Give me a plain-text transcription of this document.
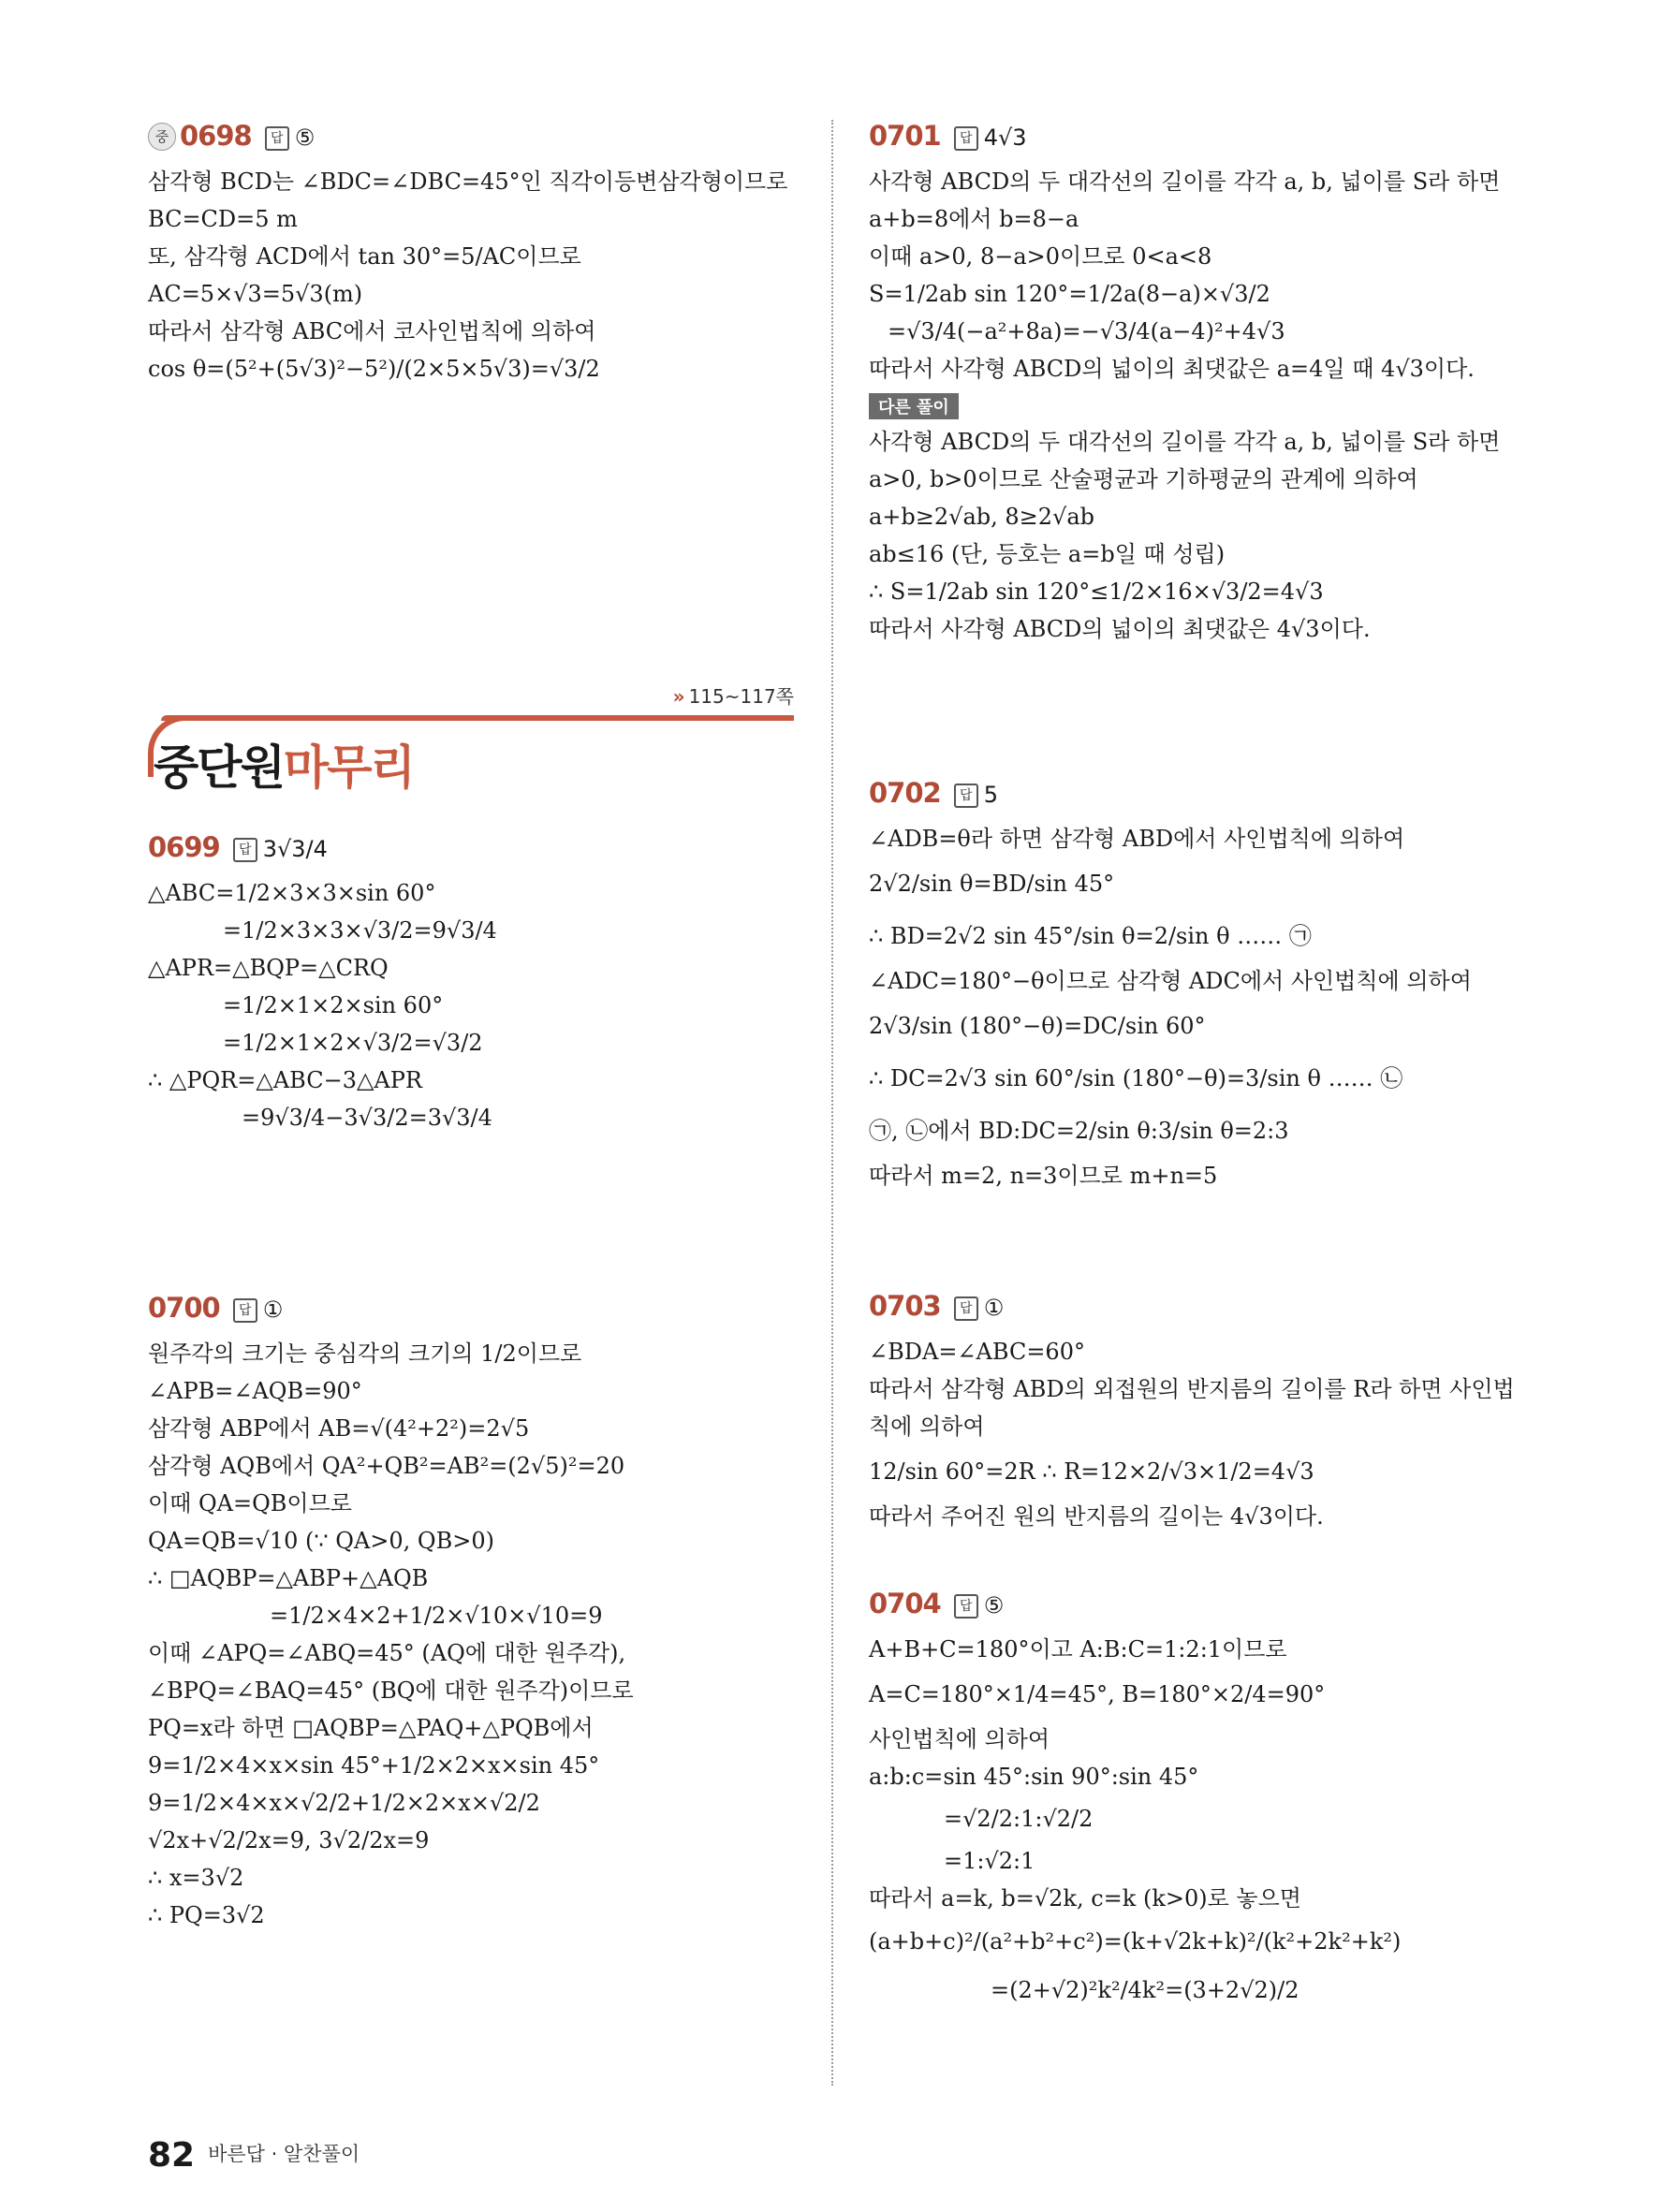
중 0698 답 ⑤
삼각형 BCD는 ∠BDC=∠DBC=45°인 직각이등변삼각형이므로
BC=CD=5 m
또, 삼각형 ACD에서 tan 30°=5/AC이므로
AC=5×√3=5√3(m)
따라서 삼각형 ABC에서 코사인법칙에 의하여
cos θ=(5²+(5√3)²−5²)/(2×5×5√3)=√3/2
» 115~117쪽
중단원마무리
0699 답 3√3/4
△ABC=1/2×3×3×sin 60°
=1/2×3×3×√3/2=9√3/4
△APR=△BQP=△CRQ
=1/2×1×2×sin 60°
=1/2×1×2×√3/2=√3/2
∴ △PQR=△ABC−3△APR
=9√3/4−3√3/2=3√3/4
0700 답 ①
원주각의 크기는 중심각의 크기의 1/2이므로
∠APB=∠AQB=90°
삼각형 ABP에서 AB=√(4²+2²)=2√5
삼각형 AQB에서 QA²+QB²=AB²=(2√5)²=20
이때 QA=QB이므로
QA=QB=√10 (∵ QA>0, QB>0)
∴ □AQBP=△ABP+△AQB
=1/2×4×2+1/2×√10×√10=9
이때 ∠APQ=∠ABQ=45° (AQ에 대한 원주각),
∠BPQ=∠BAQ=45° (BQ에 대한 원주각)이므로
PQ=x라 하면 □AQBP=△PAQ+△PQB에서
9=1/2×4×x×sin 45°+1/2×2×x×sin 45°
9=1/2×4×x×√2/2+1/2×2×x×√2/2
√2x+√2/2x=9, 3√2/2x=9
∴ x=3√2
∴ PQ=3√2
0701 답 4√3
사각형 ABCD의 두 대각선의 길이를 각각 a, b, 넓이를 S라 하면
a+b=8에서 b=8−a
이때 a>0, 8−a>0이므로 0<a<8
S=1/2ab sin 120°=1/2a(8−a)×√3/2
=√3/4(−a²+8a)=−√3/4(a−4)²+4√3
따라서 사각형 ABCD의 넓이의 최댓값은 a=4일 때 4√3이다.
다른 풀이
사각형 ABCD의 두 대각선의 길이를 각각 a, b, 넓이를 S라 하면
a>0, b>0이므로 산술평균과 기하평균의 관계에 의하여
a+b≥2√ab, 8≥2√ab
ab≤16 (단, 등호는 a=b일 때 성립)
∴ S=1/2ab sin 120°≤1/2×16×√3/2=4√3
따라서 사각형 ABCD의 넓이의 최댓값은 4√3이다.
0702 답 5
∠ADB=θ라 하면 삼각형 ABD에서 사인법칙에 의하여
2√2/sin θ=BD/sin 45°
∴ BD=2√2 sin 45°/sin θ=2/sin θ …… ㉠
∠ADC=180°−θ이므로 삼각형 ADC에서 사인법칙에 의하여
2√3/sin (180°−θ)=DC/sin 60°
∴ DC=2√3 sin 60°/sin (180°−θ)=3/sin θ …… ㉡
㉠, ㉡에서 BD:DC=2/sin θ:3/sin θ=2:3
따라서 m=2, n=3이므로 m+n=5
0703 답 ①
∠BDA=∠ABC=60°
따라서 삼각형 ABD의 외접원의 반지름의 길이를 R라 하면 사인법
칙에 의하여
12/sin 60°=2R ∴ R=12×2/√3×1/2=4√3
따라서 주어진 원의 반지름의 길이는 4√3이다.
0704 답 ⑤
A+B+C=180°이고 A:B:C=1:2:1이므로
A=C=180°×1/4=45°, B=180°×2/4=90°
사인법칙에 의하여
a:b:c=sin 45°:sin 90°:sin 45°
=√2/2:1:√2/2
=1:√2:1
따라서 a=k, b=√2k, c=k (k>0)로 놓으면
(a+b+c)²/(a²+b²+c²)=(k+√2k+k)²/(k²+2k²+k²)
=(2+√2)²k²/4k²=(3+2√2)/2
82 바른답 · 알찬풀이
